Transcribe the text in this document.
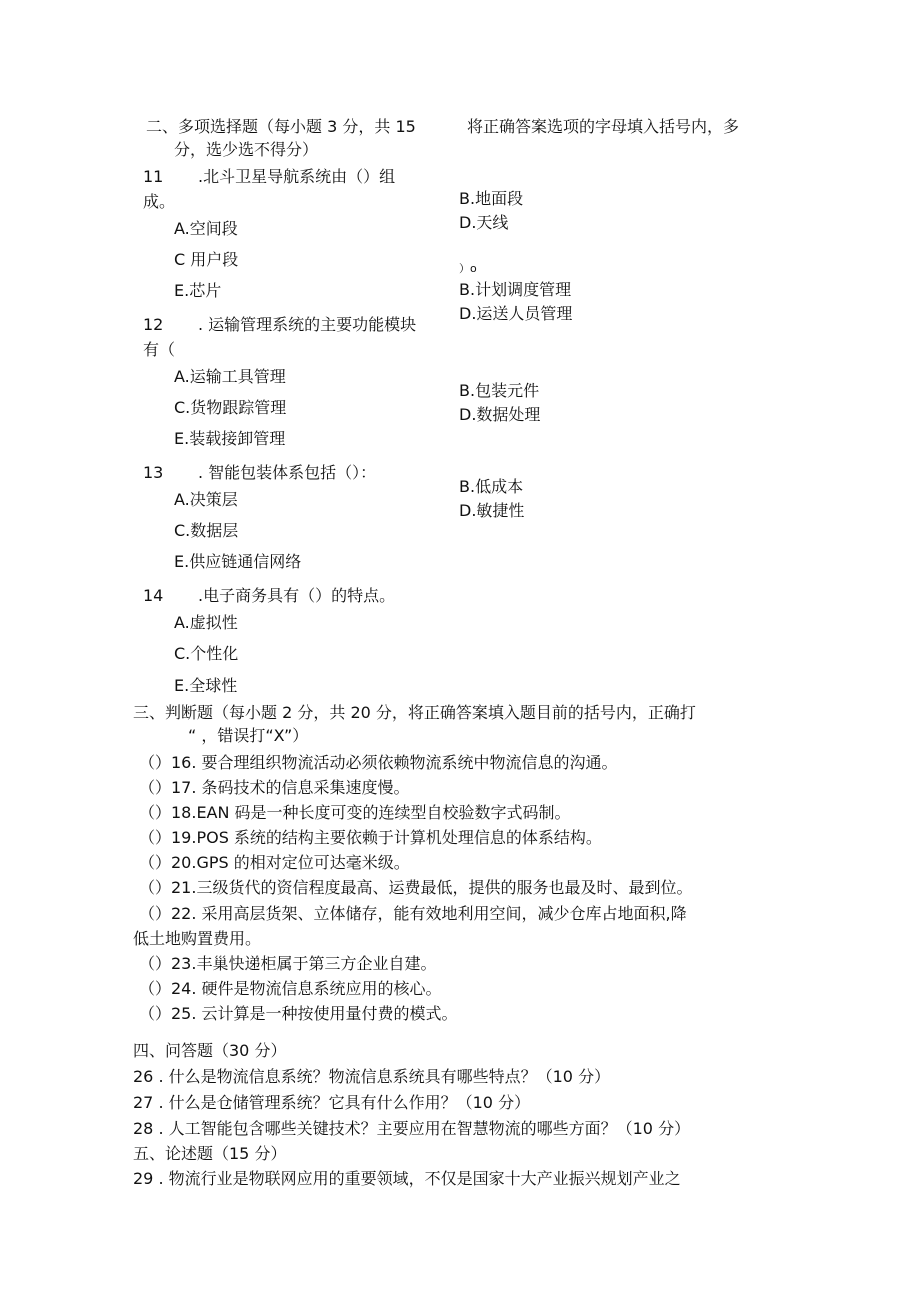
二、多项选择题（每小题 3 分，共 15	将正确答案选项的字母填入括号内，多
分，选少选不得分）
11 .北斗卫星导航系统由（）组
成。	B.地面段
D.天线
A.空间段
C 用户段	）o
E.芯片	B.计划调度管理
D.运送人员管理
12 . 运输管理系统的主要功能模块
有（
A.运输工具管理
C.货物跟踪管理
E.装载接卸管理
B.包装元件
D.数据处理
13 . 智能包装体系包括（）：
A.决策层
C.数据层
E.供应链通信网络
B.低成本
D.敏捷性
14 .电子商务具有（）的特点。
A.虚拟性
C.个性化
E.全球性
三、判断题（每小题 2 分，共 20 分，将正确答案填入题目前的括号内，正确打
“ ，错误打“X”）
（）16. 要合理组织物流活动必须依赖物流系统中物流信息的沟通。
（）17. 条码技术的信息采集速度慢。
（）18.EAN 码是一种长度可变的连续型自校验数字式码制。
（）19.POS 系统的结构主要依赖于计算机处理信息的体系结构。
（）20.GPS 的相对定位可达毫米级。
（）21.三级货代的资信程度最高、运费最低，提供的服务也最及时、最到位。
（）22. 采用高层货架、立体储存，能有效地利用空间，减少仓库占地面积,降
低土地购置费用。
（）23.丰巢快递柜属于第三方企业自建。
（）24. 硬件是物流信息系统应用的核心。
（）25. 云计算是一种按使用量付费的模式。
四、问答题（30 分）
26 . 什么是物流信息系统？物流信息系统具有哪些特点？（10 分）
27 . 什么是仓储管理系统？它具有什么作用？（10 分）
28 . 人工智能包含哪些关键技术？主要应用在智慧物流的哪些方面？（10 分）
五、论述题（15 分）
29 . 物流行业是物联网应用的重要领域，不仅是国家十大产业振兴规划产业之
